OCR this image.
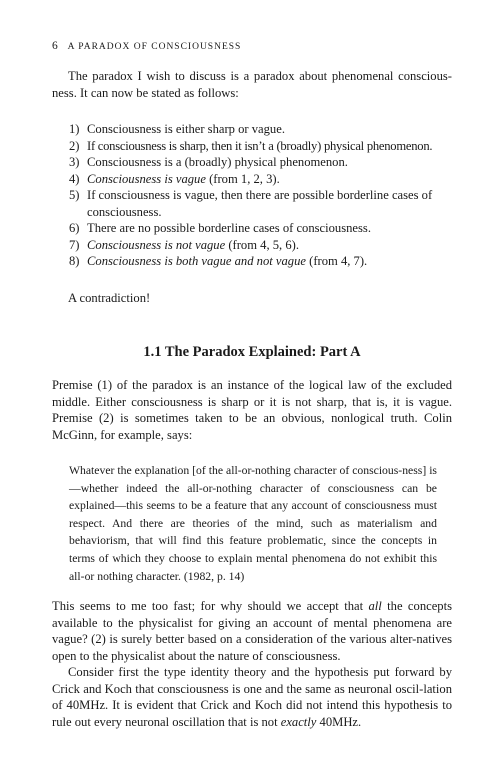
6 A PARADOX OF CONSCIOUSNESS

The paradox I wish to discuss is a paradox about phenomenal conscious-ness. It can now be stated as follows:

1) Consciousness is either sharp or vague.
2) If consciousness is sharp, then it isn’t a (broadly) physical phenomenon.
3) Consciousness is a (broadly) physical phenomenon.
4) Consciousness is vague (from 1, 2, 3).
5) If consciousness is vague, then there are possible borderline cases of consciousness.
6) There are no possible borderline cases of consciousness.
7) Consciousness is not vague (from 4, 5, 6).
8) Consciousness is both vague and not vague (from 4, 7).

A contradiction!

1.1 The Paradox Explained: Part A

Premise (1) of the paradox is an instance of the logical law of the excluded middle. Either consciousness is sharp or it is not sharp, that is, it is vague. Premise (2) is sometimes taken to be an obvious, nonlogical truth. Colin McGinn, for example, says:

Whatever the explanation [of the all-or-nothing character of conscious-ness] is—whether indeed the all-or-nothing character of consciousness can be explained—this seems to be a feature that any account of consciousness must respect. And there are theories of the mind, such as materialism and behaviorism, that will find this feature problematic, since the concepts in terms of which they choose to explain mental phenomena do not exhibit this all-or nothing character. (1982, p. 14)

This seems to me too fast; for why should we accept that all the concepts available to the physicalist for giving an account of mental phenomena are vague? (2) is surely better based on a consideration of the various alter-natives open to the physicalist about the nature of consciousness.

Consider first the type identity theory and the hypothesis put forward by Crick and Koch that consciousness is one and the same as neuronal oscil-lation of 40MHz. It is evident that Crick and Koch did not intend this hypothesis to rule out every neuronal oscillation that is not exactly 40MHz.
